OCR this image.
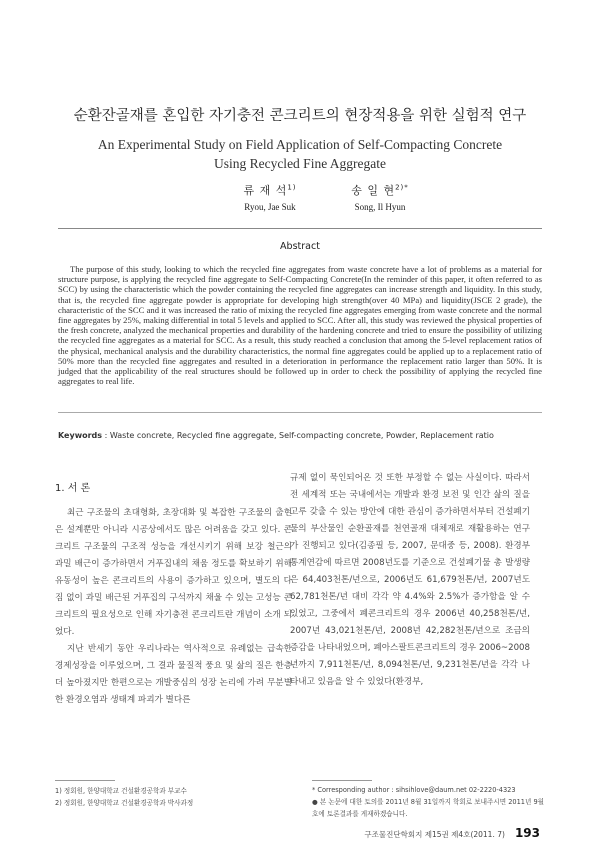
순환잔골재를 혼입한 자기충전 콘크리트의 현장적용을 위한 실험적 연구
An Experimental Study on Field Application of Self-Compacting Concrete
Using Recycled Fine Aggregate
류 재 석$^{1)}$
Ryou, Jae Suk
송 일 현$^{2)*}$
Song, Il Hyun
Abstract
The purpose of this study, looking to which the recycled fine aggregates from waste concrete have a lot of problems as a material for structure purpose, is applying the recycled fine aggregate to Self-Compacting Concrete(In the reminder of this paper, it often referred to as SCC) by using the characteristic which the powder containing the recycled fine aggregates can increase strength and liquidity. In this study, that is, the recycled fine aggregate powder is appropriate for developing high strength(over 40 MPa) and liquidity(JSCE 2 grade), the characteristic of the SCC and it was increased the ratio of mixing the recycled fine aggregates emerging from waste concrete and the normal fine aggregates by 25%, making differential in total 5 levels and applied to SCC. After all, this study was reviewed the physical properties of the fresh concrete, analyzed the mechanical properties and durability of the hardening concrete and tried to ensure the possibility of utilizing the recycled fine aggregates as a material for SCC. As a result, this study reached a conclusion that among the 5-level replacement ratios of the physical, mechanical analysis and the durability characteristics, the normal fine aggregates could be applied up to a replacement ratio of 50% more than the recycled fine aggregates and resulted in a deterioration in performance the replacement ratio larger than 50%. It is judged that the applicability of the real structures should be followed up in order to check the possibility of applying the recycled fine aggregates to real life.
Keywords : Waste concrete, Recycled fine aggregate, Self-compacting concrete, Powder, Replacement ratio
1. 서 론

최근 구조물의 초대형화, 초장대화 및 복잡한 구조물의 출현은 설계뿐만 아니라 시공상에서도 많은 어려움을 갖고 있다. 콘크리트 구조물의 구조적 성능을 개선시키기 위해 보강 철근의 과밀 배근이 증가하면서 거푸집내의 채움 정도를 확보하기 위해 유동성이 높은 콘크리트의 사용이 증가하고 있으며, 별도의 다짐 없이 과밀 배근된 거푸집의 구석까지 채울 수 있는 고성능 콘크리트의 필요성으로 인해 자기충전 콘크리트란 개념이 소개 되었다.

지난 반세기 동안 우리나라는 역사적으로 유례없는 급속한 경제성장을 이루었으며, 그 결과 물질적 풍요 및 삶의 질은 한층 더 높아졌지만 한편으로는 개발중심의 성장 논리에 가려 무분별한 환경오염과 생태계 파괴가 별다른

규제 없이 묵인되어온 것 또한 부정할 수 없는 사실이다. 따라서 전 세계적 또는 국내에서는 개발과 환경 보전 및 인간 삶의 질을 고루 갖출 수 있는 방안에 대한 관심이 증가하면서부터 건설폐기물의 부산물인 순환골재를 천연골재 대체재로 재활용하는 연구가 진행되고 있다(김종필 등, 2007, 문대중 등, 2008). 환경부 통계연감에 따르면 2008년도를 기준으로 건설폐기물 총 발생량은 64,403천톤/년으로, 2006년도 61,679천톤/년, 2007년도 62,781천톤/년 대비 각각 약 4.4%와 2.5%가 증가함을 알 수 있었고, 그중에서 폐콘크리트의 경우 2006년 40,258천톤/년, 2007년 43,021천톤/년, 2008년 42,282천톤/년으로 조금의 증감을 나타내었으며, 폐아스팔트콘크리트의 경우 2006~2008년까지 7,911천톤/년, 8,094천톤/년, 9,231천톤/년을 각각 나타내고 있음을 알 수 있었다(환경부,

1) 정회원, 한양대학교 건설환경공학과 부교수
2) 정회원, 한양대학교 건설환경공학과 박사과정
* Corresponding author : sihsihlove@daum.net 02-2220-4323
● 본 논문에 대한 토의를 2011년 8월 31일까지 학회로 보내주시면 2011년 9월 호에 토론결과를 게재하겠습니다.
구조물진단학회지 제15권 제4호(2011. 7) 193
